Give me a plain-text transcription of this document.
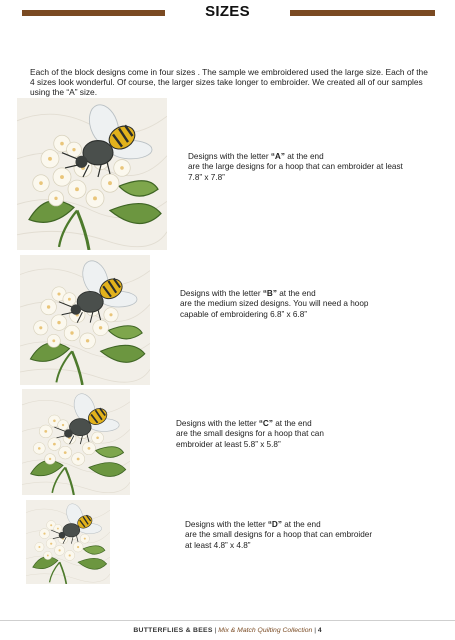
SIZES

Each of the block designs come in four sizes . The sample we embroidered used the large size. Each of the 4 sizes look wonderful. Of course, the larger sizes take longer to embroider. We created all of our samples using the “A” size.

Designs with the letter “A” at the end
are the large designs for a hoop that can embroider at least
7.8” x 7.8”
Designs with the letter “B” at the end
are the medium sized designs. You will need a hoop
capable of embroidering 6.8” x 6.8”
Designs with the letter “C” at the end
are the small designs for a hoop that can
embroider at least 5.8” x 5.8”
Designs with the letter “D” at the end
are the small designs for a hoop that can embroider
at least 4.8” x 4.8”
BUTTERFLIES & BEES | Mix & Match Quilting Collection | 4
